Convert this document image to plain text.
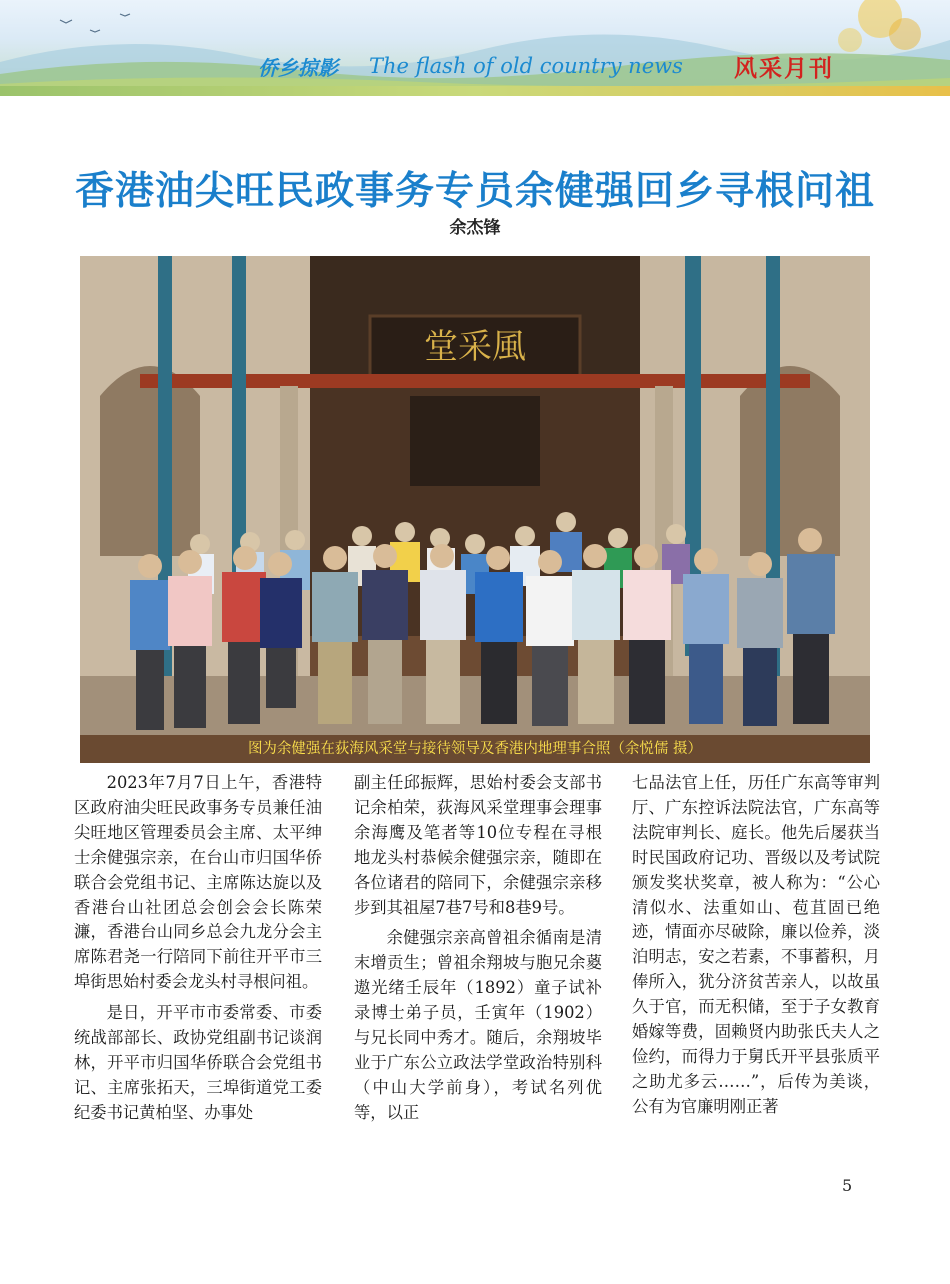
侨乡掠影 The flash of old country news 风采月刊
香港油尖旺民政事务专员余健强回乡寻根问祖
余杰锋
堂采風
图为余健强在荻海风采堂与接待领导及香港内地理事合照（余悦儒 摄）

2023年7月7日上午，香港特区政府油尖旺民政事务专员兼任油尖旺地区管理委员会主席、太平绅士余健强宗亲，在台山市归国华侨联合会党组书记、主席陈达旋以及香港台山社团总会创会会长陈荣濂，香港台山同乡总会九龙分会主席陈君尧一行陪同下前往开平市三埠街思始村委会龙头村寻根问祖。

是日，开平市市委常委、市委统战部部长、政协党组副书记谈润林，开平市归国华侨联合会党组书记、主席张拓天，三埠街道党工委纪委书记黄柏坚、办事处

副主任邱振辉，思始村委会支部书记余柏荣，荻海风采堂理事会理事余海鹰及笔者等10位专程在寻根地龙头村恭候余健强宗亲，随即在各位诸君的陪同下，余健强宗亲移步到其祖屋7巷7号和8巷9号。

余健强宗亲高曾祖余循南是清末增贡生；曾祖余翔坡与胞兄余葼遨光绪壬辰年（1892）童子试补录博士弟子员，壬寅年（1902）与兄长同中秀才。随后，余翔坡毕业于广东公立政法学堂政治特别科（中山大学前身），考试名列优等，以正

七品法官上任，历任广东高等审判厅、广东控诉法院法官，广东高等法院审判长、庭长。他先后屡获当时民国政府记功、晋级以及考试院颁发奖状奖章，被人称为：“公心清似水、法重如山、苞苴固已绝迹，情面亦尽破除，廉以俭养，淡泊明志，安之若素，不事蓄积，月俸所入，犹分济贫苦亲人，以故虽久于官，而无积储，至于子女教育婚嫁等费，固赖贤内助张氏夫人之俭约，而得力于舅氏开平县张质平之助尤多云……”，后传为美谈，公有为官廉明刚正著

5
